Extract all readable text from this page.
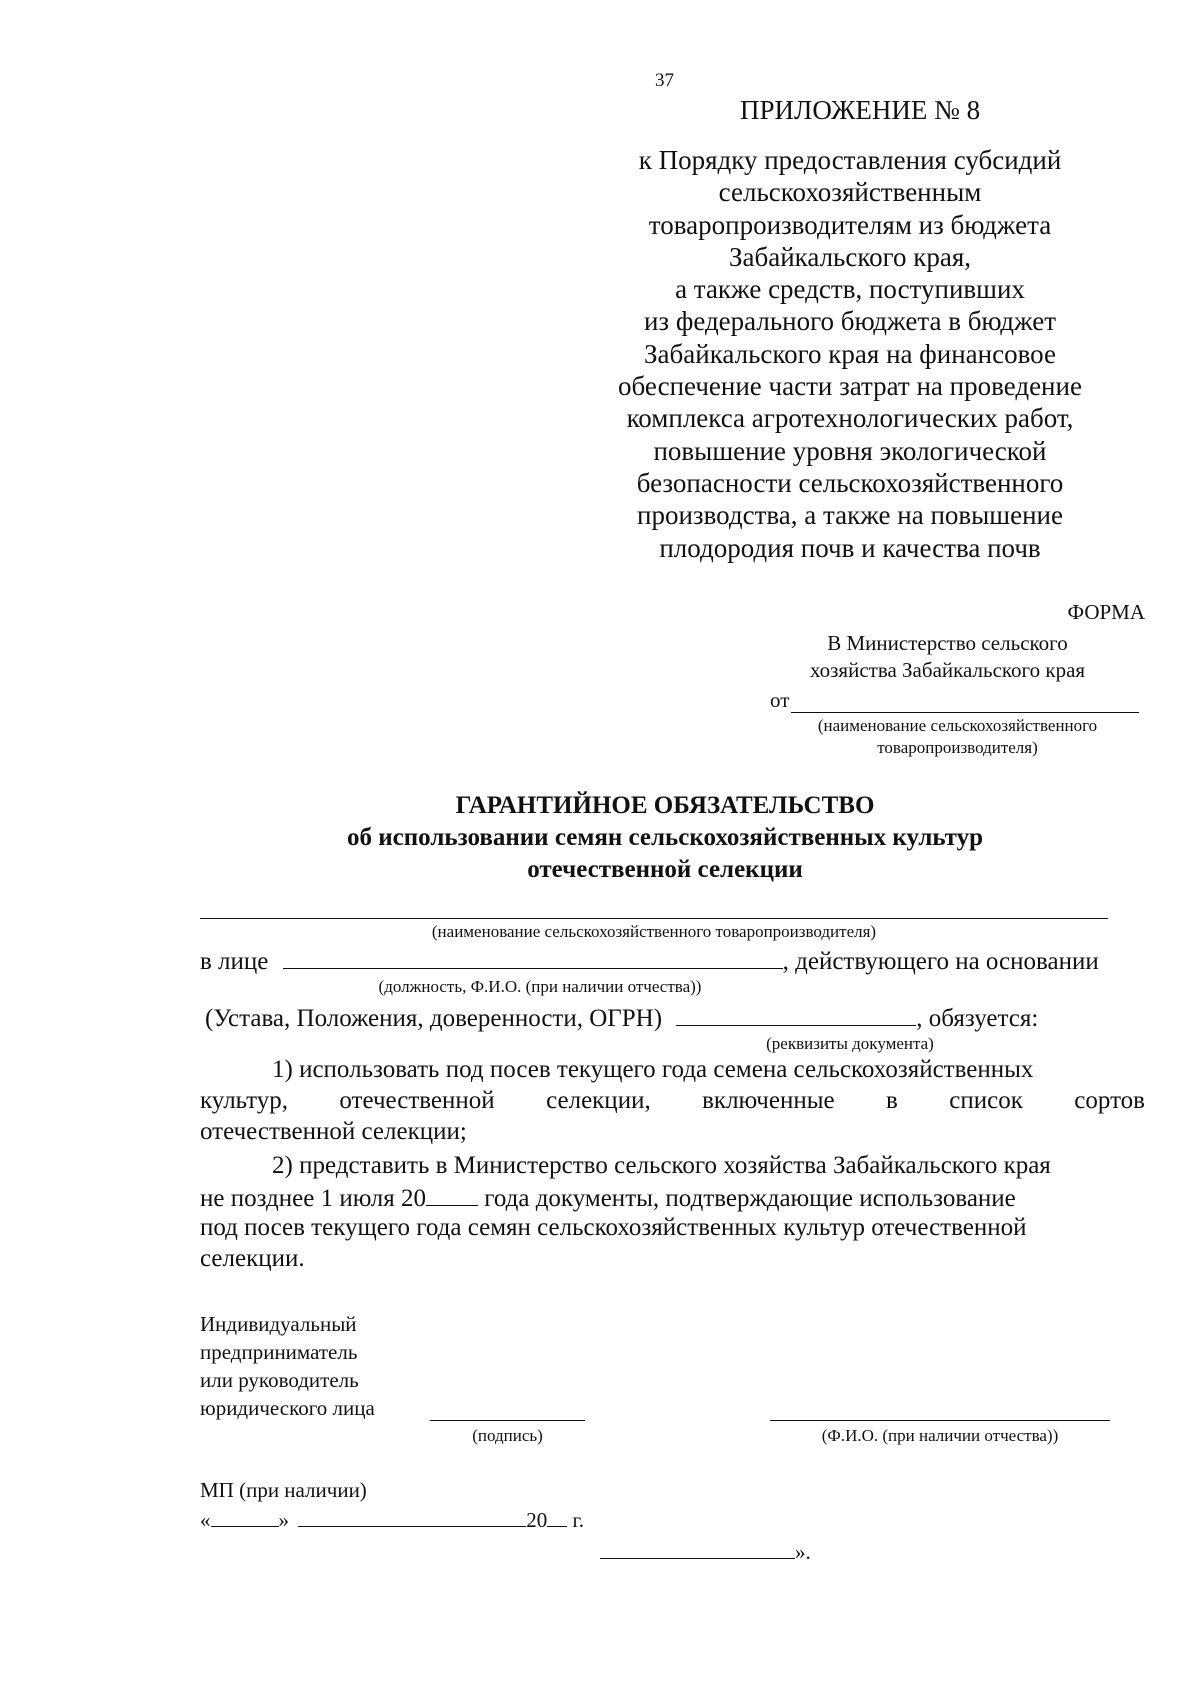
37
ПРИЛОЖЕНИЕ № 8
к Порядку предоставления субсидий
сельскохозяйственным
товаропроизводителям из бюджета
Забайкальского края,
а также средств, поступивших
из федерального бюджета в бюджет
Забайкальского края на финансовое
обеспечение части затрат на проведение
комплекса агротехнологических работ,
повышение уровня экологической
безопасности сельскохозяйственного
производства, а также на повышение
плодородия почв и качества почв
ФОРМА
В Министерство сельского
хозяйства Забайкальского края
от
(наименование сельскохозяйственного
товаропроизводителя)
ГАРАНТИЙНОЕ ОБЯЗАТЕЛЬСТВО
об использовании семян сельскохозяйственных культур
отечественной селекции
(наименование сельскохозяйственного товаропроизводителя)
в лице	, действующего на основании
(должность, Ф.И.О. (при наличии отчества))
(Устава, Положения, доверенности, ОГРН)	, обязуется:
(реквизиты документа)
1) использовать под посев текущего года семена сельскохозяйственных
культур, отечественной селекции, включенные в список сортов
отечественной селекции;
2) представить в Министерство сельского хозяйства Забайкальского края
не позднее 1 июля 20 года документы, подтверждающие использование
под посев текущего года семян сельскохозяйственных культур отечественной
селекции.
Индивидуальный
предприниматель
или руководитель
юридического лица
(подпись)	(Ф.И.О. (при наличии отчества))
МП (при наличии)
«	»	20 г.
».
